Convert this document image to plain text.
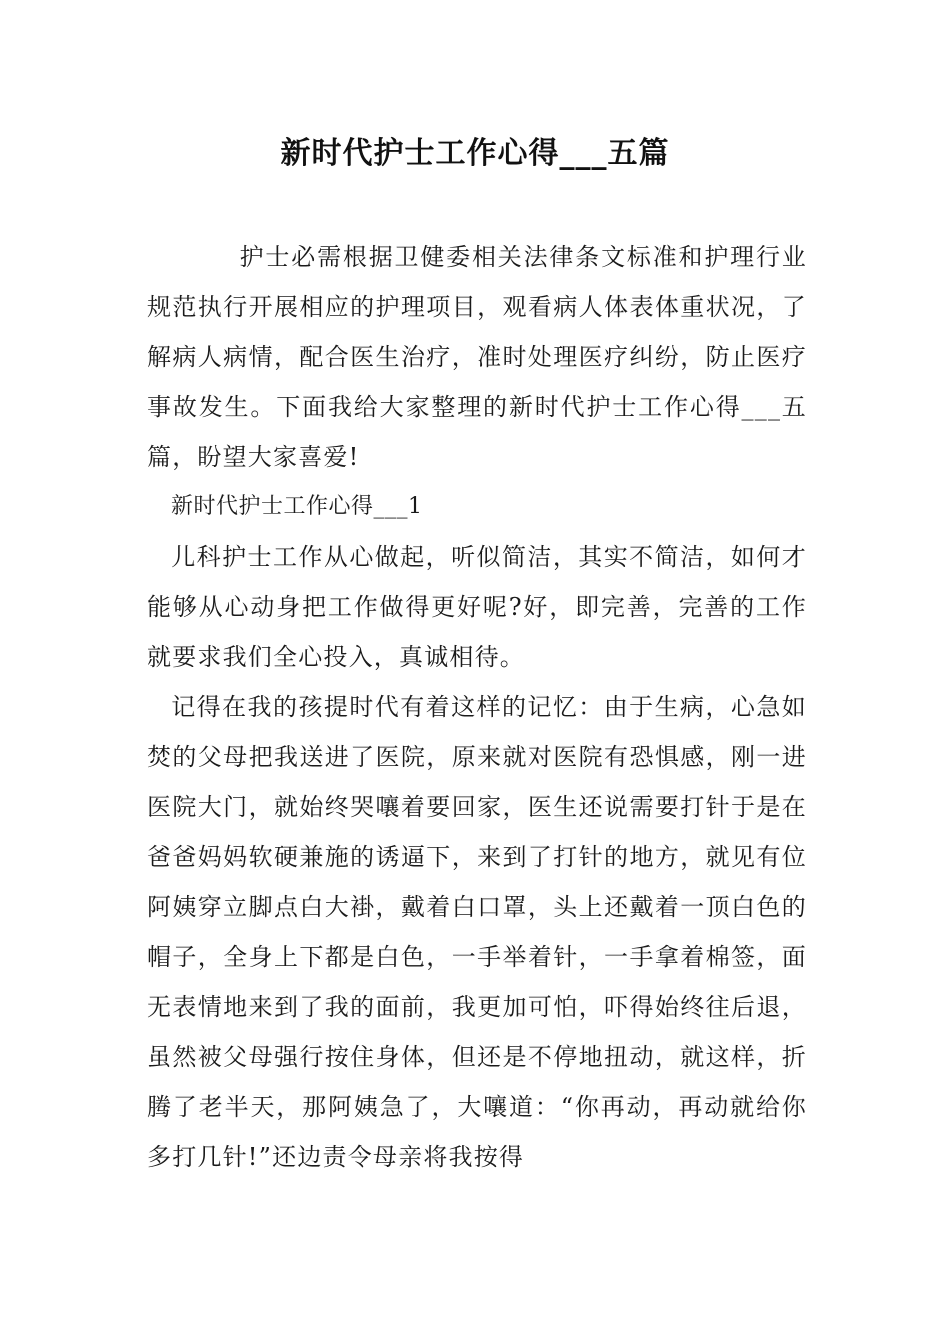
新时代护士工作心得___五篇

护士必需根据卫健委相关法律条文标准和护理行业规范执行开展相应的护理项目，观看病人体表体重状况，了解病人病情，配合医生治疗，准时处理医疗纠纷，防止医疗事故发生。下面我给大家整理的新时代护士工作心得___五篇，盼望大家喜爱!

新时代护士工作心得___1

儿科护士工作从心做起，听似简洁，其实不简洁，如何才能够从心动身把工作做得更好呢?好，即完善，完善的工作就要求我们全心投入，真诚相待。

记得在我的孩提时代有着这样的记忆：由于生病，心急如焚的父母把我送进了医院，原来就对医院有恐惧感，刚一进医院大门，就始终哭嚷着要回家，医生还说需要打针于是在爸爸妈妈软硬兼施的诱逼下，来到了打针的地方，就见有位阿姨穿立脚点白大褂，戴着白口罩，头上还戴着一顶白色的帽子，全身上下都是白色，一手举着针，一手拿着棉签，面无表情地来到了我的面前，我更加可怕，吓得始终往后退，虽然被父母强行按住身体，但还是不停地扭动，就这样，折腾了老半天，那阿姨急了，大嚷道：“你再动，再动就给你多打几针!”还边责令母亲将我按得
